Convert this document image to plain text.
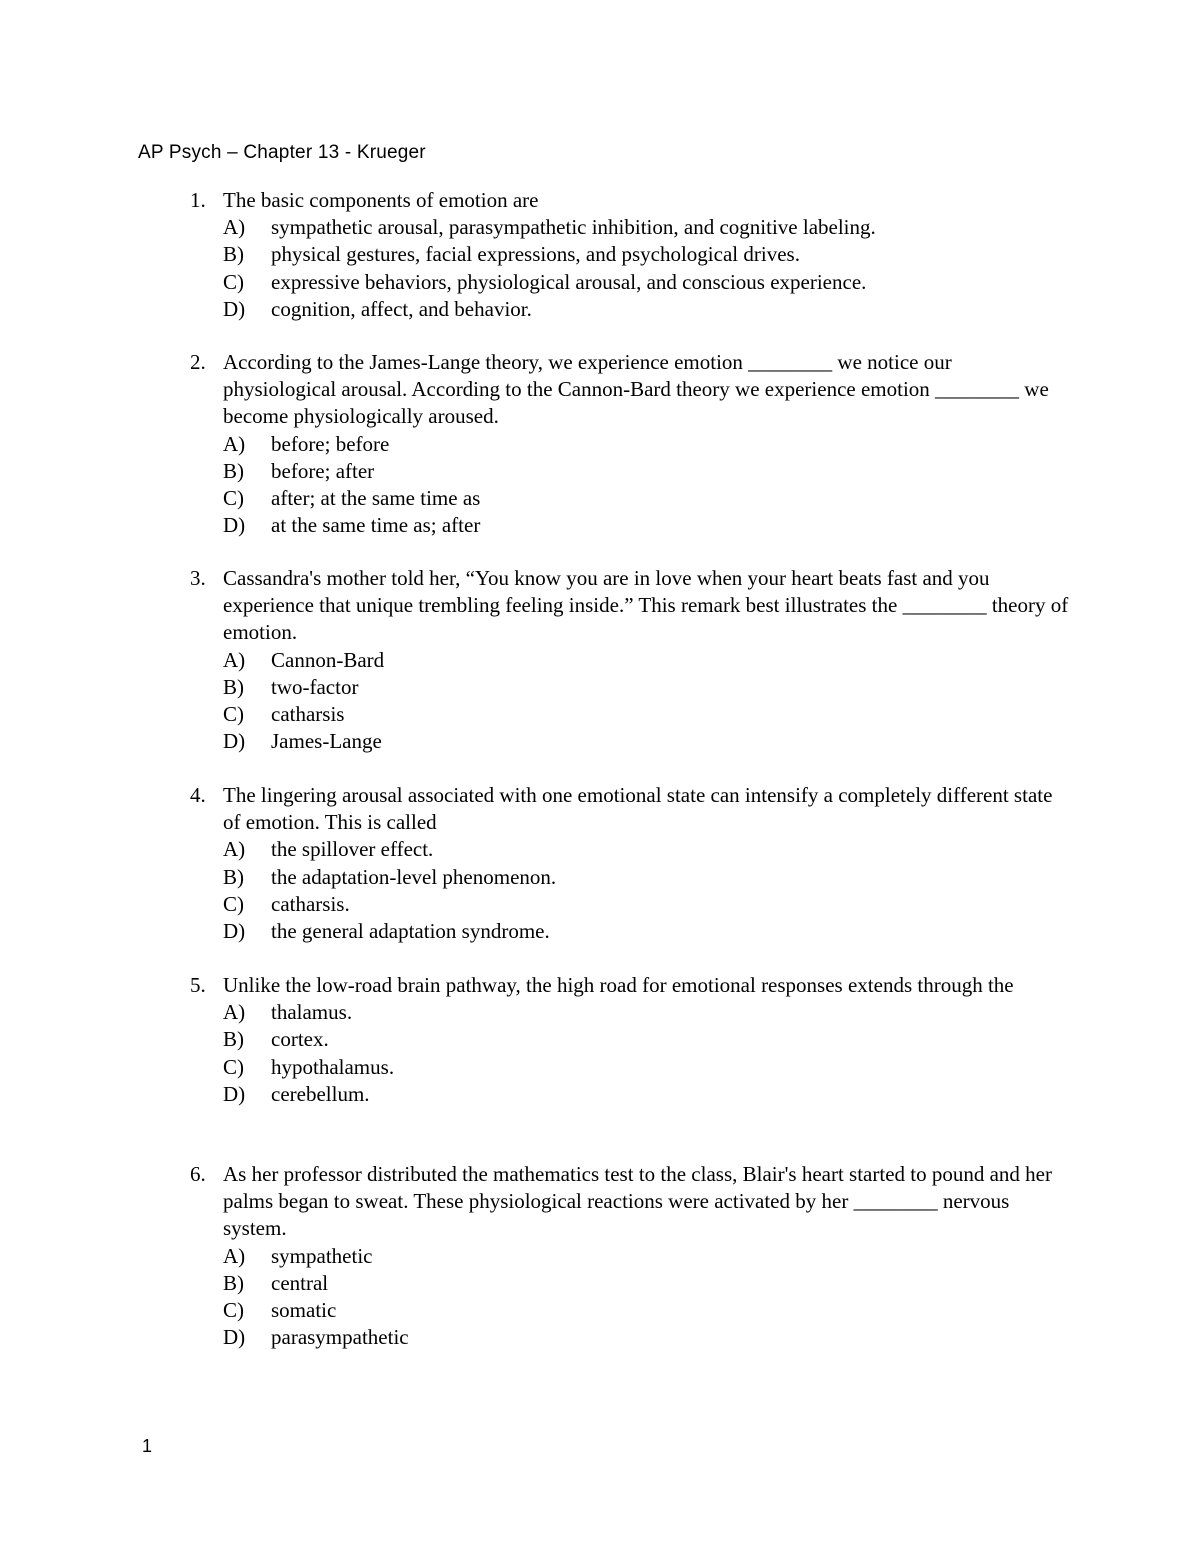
AP Psych – Chapter 13 - Krueger
1. The basic components of emotion are

A)	sympathetic arousal, parasympathetic inhibition, and cognitive labeling.
B)	physical gestures, facial expressions, and psychological drives.
C)	expressive behaviors, physiological arousal, and conscious experience.
D)	cognition, affect, and behavior.
2. According to the James-Lange theory, we experience emotion ________ we notice our physiological arousal. According to the Cannon-Bard theory we experience emotion ________ we become physiologically aroused.

A)	before; before
B)	before; after
C)	after; at the same time as
D)	at the same time as; after
3. Cassandra's mother told her, “You know you are in love when your heart beats fast and you experience that unique trembling feeling inside.” This remark best illustrates the ________ theory of emotion.

A)	Cannon-Bard
B)	two-factor
C)	catharsis
D)	James-Lange
4. The lingering arousal associated with one emotional state can intensify a completely different state of emotion. This is called

A)	the spillover effect.
B)	the adaptation-level phenomenon.
C)	catharsis.
D)	the general adaptation syndrome.
5. Unlike the low-road brain pathway, the high road for emotional responses extends through the

A)	thalamus.
B)	cortex.
C)	hypothalamus.
D)	cerebellum.
6. As her professor distributed the mathematics test to the class, Blair's heart started to pound and her palms began to sweat. These physiological reactions were activated by her ________ nervous system.

A)	sympathetic
B)	central
C)	somatic
D)	parasympathetic
1
